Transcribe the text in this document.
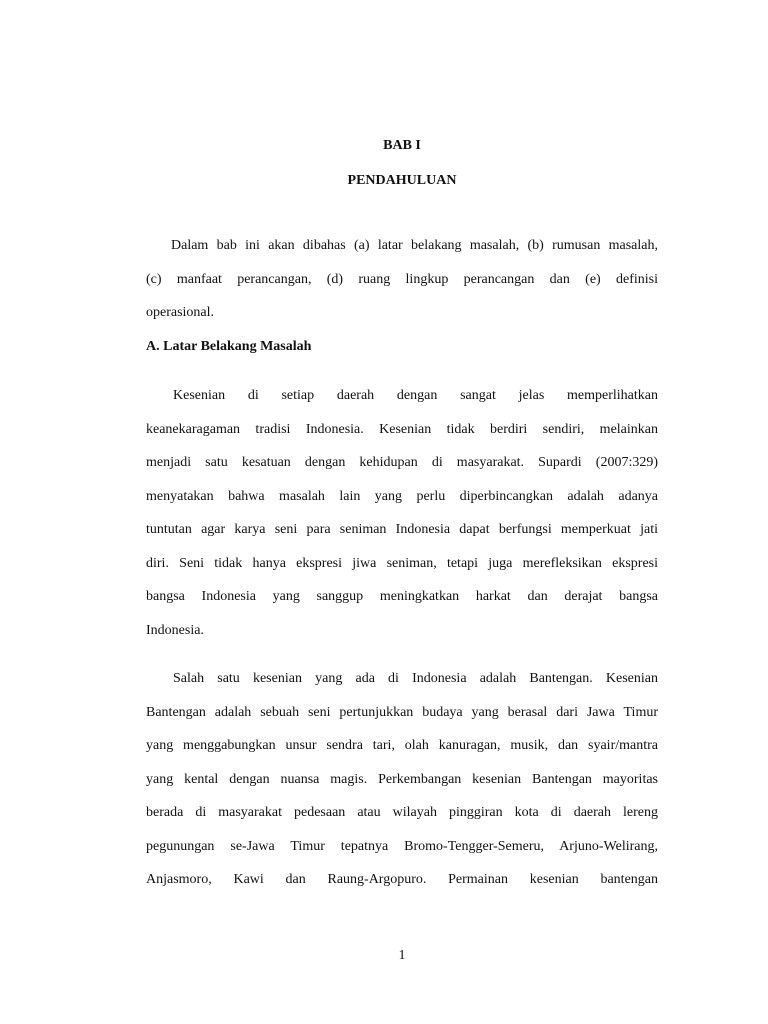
BAB I
PENDAHULUAN
Dalam bab ini akan dibahas (a) latar belakang masalah, (b) rumusan masalah,
(c) manfaat perancangan, (d) ruang lingkup perancangan dan (e) definisi
operasional.
A. Latar Belakang Masalah
Kesenian di setiap daerah dengan sangat jelas memperlihatkan
keanekaragaman tradisi Indonesia. Kesenian tidak berdiri sendiri, melainkan
menjadi satu kesatuan dengan kehidupan di masyarakat. Supardi (2007:329)
menyatakan bahwa masalah lain yang perlu diperbincangkan adalah adanya
tuntutan agar karya seni para seniman Indonesia dapat berfungsi memperkuat jati
diri. Seni tidak hanya ekspresi jiwa seniman, tetapi juga merefleksikan ekspresi
bangsa Indonesia yang sanggup meningkatkan harkat dan derajat bangsa
Indonesia.
Salah satu kesenian yang ada di Indonesia adalah Bantengan. Kesenian
Bantengan adalah sebuah seni pertunjukkan budaya yang berasal dari Jawa Timur
yang menggabungkan unsur sendra tari, olah kanuragan, musik, dan syair/mantra
yang kental dengan nuansa magis. Perkembangan kesenian Bantengan mayoritas
berada di masyarakat pedesaan atau wilayah pinggiran kota di daerah lereng
pegunungan se-Jawa Timur tepatnya Bromo-Tengger-Semeru, Arjuno-Welirang,
Anjasmoro, Kawi dan Raung-Argopuro. Permainan kesenian bantengan
1
